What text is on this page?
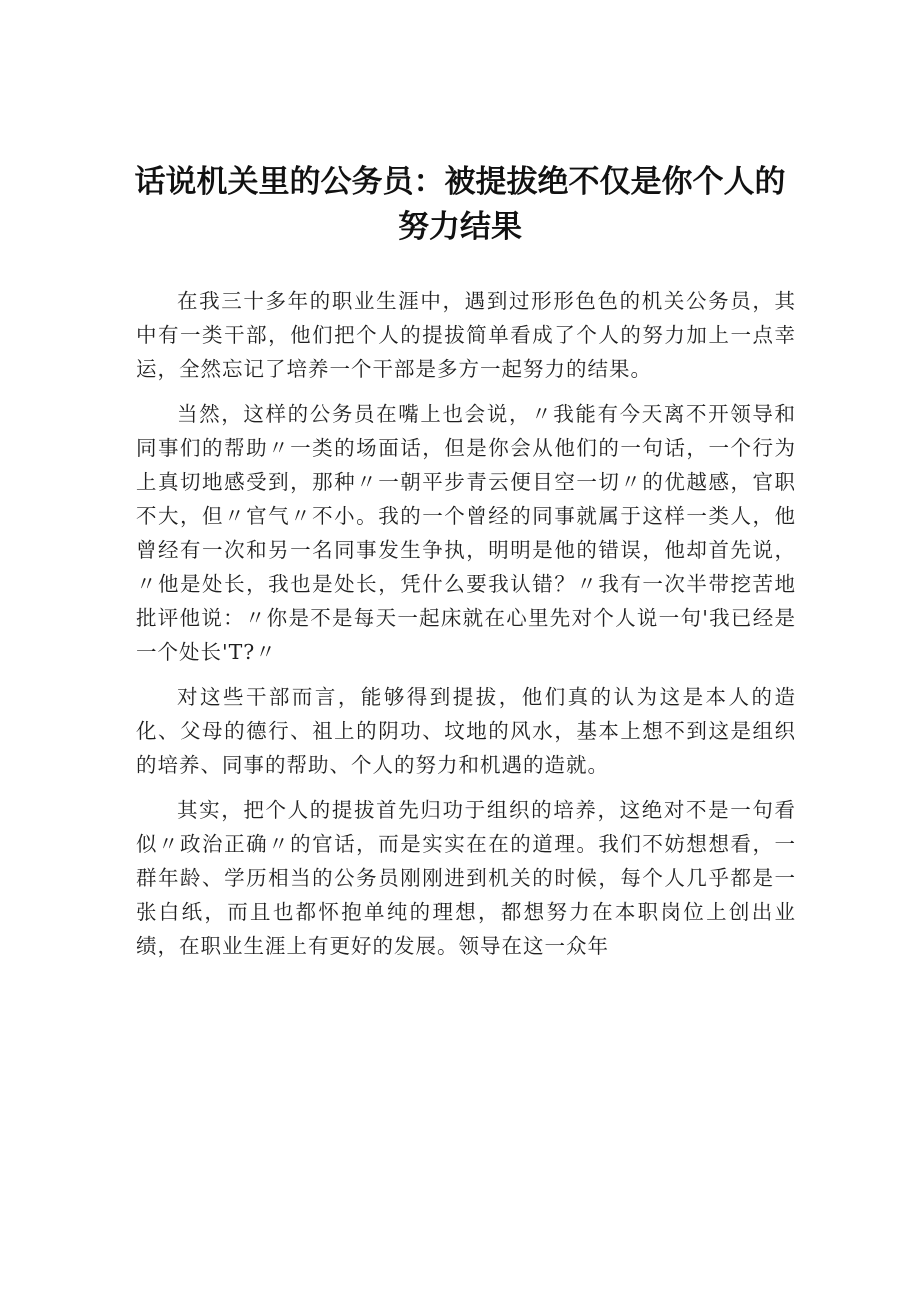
话说机关里的公务员：被提拔绝不仅是你个人的努力结果

在我三十多年的职业生涯中，遇到过形形色色的机关公务员，其中有一类干部，他们把个人的提拔简单看成了个人的努力加上一点幸运，全然忘记了培养一个干部是多方一起努力的结果。

当然，这样的公务员在嘴上也会说，〃我能有今天离不开领导和同事们的帮助〃一类的场面话，但是你会从他们的一句话，一个行为上真切地感受到，那种〃一朝平步青云便目空一切〃的优越感，官职不大，但〃官气〃不小。我的一个曾经的同事就属于这样一类人，他曾经有一次和另一名同事发生争执，明明是他的错误，他却首先说，〃他是处长，我也是处长，凭什么要我认错？〃我有一次半带挖苦地批评他说：〃你是不是每天一起床就在心里先对个人说一句'我已经是一个处长'T?〃

对这些干部而言，能够得到提拔，他们真的认为这是本人的造化、父母的德行、祖上的阴功、坟地的风水，基本上想不到这是组织的培养、同事的帮助、个人的努力和机遇的造就。

其实，把个人的提拔首先归功于组织的培养，这绝对不是一句看似〃政治正确〃的官话，而是实实在在的道理。我们不妨想想看，一群年龄、学历相当的公务员刚刚进到机关的时候，每个人几乎都是一张白纸，而且也都怀抱单纯的理想，都想努力在本职岗位上创出业绩，在职业生涯上有更好的发展。领导在这一众年
